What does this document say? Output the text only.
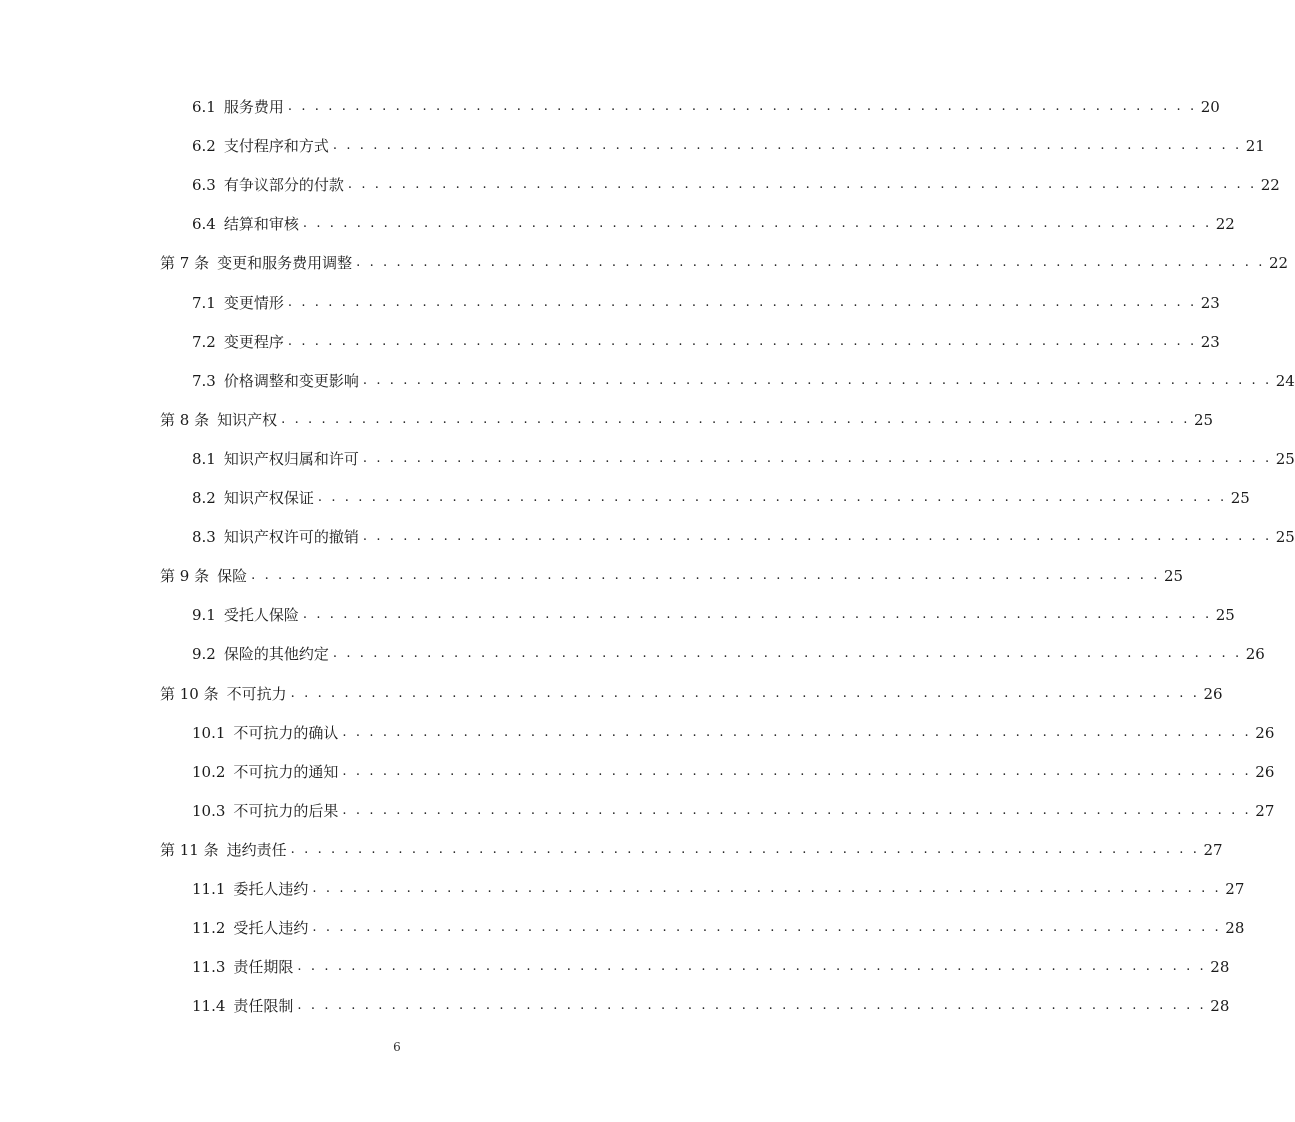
6.1 服务费用 . . . . . . . . . . . . . . . . . . . . . . . . . . . . . . . . . . . . . . . . . . . . . . . . . . . . . . . . . . . . . . . . . . . . 20
6.2 支付程序和方式 . . . . . . . . . . . . . . . . . . . . . . . . . . . . . . . . . . . . . . . . . . . . . . . . . . . . . . . . . . . . . . . . . . . . 21
6.3 有争议部分的付款 . . . . . . . . . . . . . . . . . . . . . . . . . . . . . . . . . . . . . . . . . . . . . . . . . . . . . . . . . . . . . . . . . . . . 22
6.4 结算和审核 . . . . . . . . . . . . . . . . . . . . . . . . . . . . . . . . . . . . . . . . . . . . . . . . . . . . . . . . . . . . . . . . . . . . 22
第 7 条 变更和服务费用调整 . . . . . . . . . . . . . . . . . . . . . . . . . . . . . . . . . . . . . . . . . . . . . . . . . . . . . . . . . . . . . . . . . . . . 22
7.1 变更情形 . . . . . . . . . . . . . . . . . . . . . . . . . . . . . . . . . . . . . . . . . . . . . . . . . . . . . . . . . . . . . . . . . . . . 23
7.2 变更程序 . . . . . . . . . . . . . . . . . . . . . . . . . . . . . . . . . . . . . . . . . . . . . . . . . . . . . . . . . . . . . . . . . . . . 23
7.3 价格调整和变更影响 . . . . . . . . . . . . . . . . . . . . . . . . . . . . . . . . . . . . . . . . . . . . . . . . . . . . . . . . . . . . . . . . . . . . 24
第 8 条 知识产权 . . . . . . . . . . . . . . . . . . . . . . . . . . . . . . . . . . . . . . . . . . . . . . . . . . . . . . . . . . . . . . . . . . . . 25
8.1 知识产权归属和许可 . . . . . . . . . . . . . . . . . . . . . . . . . . . . . . . . . . . . . . . . . . . . . . . . . . . . . . . . . . . . . . . . . . . . 25
8.2 知识产权保证 . . . . . . . . . . . . . . . . . . . . . . . . . . . . . . . . . . . . . . . . . . . . . . . . . . . . . . . . . . . . . . . . . . . . 25
8.3 知识产权许可的撤销 . . . . . . . . . . . . . . . . . . . . . . . . . . . . . . . . . . . . . . . . . . . . . . . . . . . . . . . . . . . . . . . . . . . . 25
第 9 条 保险 . . . . . . . . . . . . . . . . . . . . . . . . . . . . . . . . . . . . . . . . . . . . . . . . . . . . . . . . . . . . . . . . . . . . 25
9.1 受托人保险 . . . . . . . . . . . . . . . . . . . . . . . . . . . . . . . . . . . . . . . . . . . . . . . . . . . . . . . . . . . . . . . . . . . . 25
9.2 保险的其他约定 . . . . . . . . . . . . . . . . . . . . . . . . . . . . . . . . . . . . . . . . . . . . . . . . . . . . . . . . . . . . . . . . . . . . 26
第 10 条 不可抗力 . . . . . . . . . . . . . . . . . . . . . . . . . . . . . . . . . . . . . . . . . . . . . . . . . . . . . . . . . . . . . . . . . . . . 26
10.1 不可抗力的确认 . . . . . . . . . . . . . . . . . . . . . . . . . . . . . . . . . . . . . . . . . . . . . . . . . . . . . . . . . . . . . . . . . . . . 26
10.2 不可抗力的通知 . . . . . . . . . . . . . . . . . . . . . . . . . . . . . . . . . . . . . . . . . . . . . . . . . . . . . . . . . . . . . . . . . . . . 26
10.3 不可抗力的后果 . . . . . . . . . . . . . . . . . . . . . . . . . . . . . . . . . . . . . . . . . . . . . . . . . . . . . . . . . . . . . . . . . . . . 27
第 11 条 违约责任 . . . . . . . . . . . . . . . . . . . . . . . . . . . . . . . . . . . . . . . . . . . . . . . . . . . . . . . . . . . . . . . . . . . . 27
11.1 委托人违约 . . . . . . . . . . . . . . . . . . . . . . . . . . . . . . . . . . . . . . . . . . . . . . . . . . . . . . . . . . . . . . . . . . . . 27
11.2 受托人违约 . . . . . . . . . . . . . . . . . . . . . . . . . . . . . . . . . . . . . . . . . . . . . . . . . . . . . . . . . . . . . . . . . . . . 28
11.3 责任期限 . . . . . . . . . . . . . . . . . . . . . . . . . . . . . . . . . . . . . . . . . . . . . . . . . . . . . . . . . . . . . . . . . . . . 28
11.4 责任限制 . . . . . . . . . . . . . . . . . . . . . . . . . . . . . . . . . . . . . . . . . . . . . . . . . . . . . . . . . . . . . . . . . . . . 28
6
